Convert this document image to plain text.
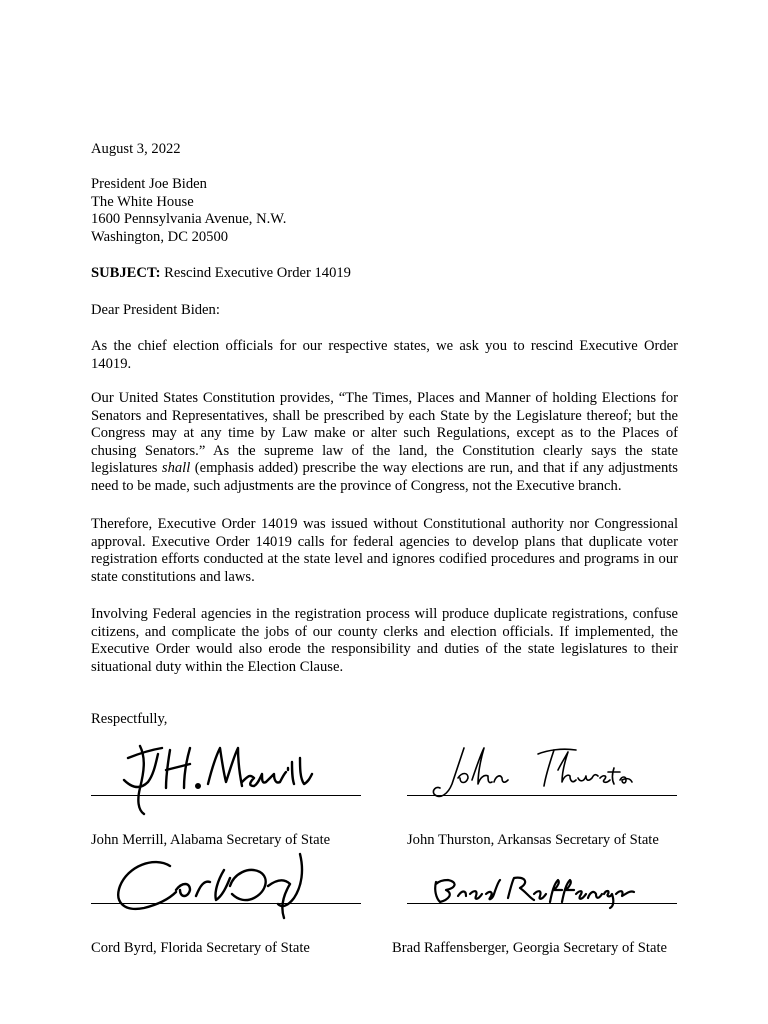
August 3, 2022

President Joe Biden
The White House
1600 Pennsylvania Avenue, N.W.
Washington, DC 20500

SUBJECT: Rescind Executive Order 14019

Dear President Biden:

As the chief election officials for our respective states, we ask you to rescind Executive Order 14019.

Our United States Constitution provides, “The Times, Places and Manner of holding Elections for Senators and Representatives, shall be prescribed by each State by the Legislature thereof; but the Congress may at any time by Law make or alter such Regulations, except as to the Places of chusing Senators.” As the supreme law of the land, the Constitution clearly says the state legislatures shall (emphasis added) prescribe the way elections are run, and that if any adjustments need to be made, such adjustments are the province of Congress, not the Executive branch.

Therefore, Executive Order 14019 was issued without Constitutional authority nor Congressional approval. Executive Order 14019 calls for federal agencies to develop plans that duplicate voter registration efforts conducted at the state level and ignores codified procedures and programs in our state constitutions and laws.

Involving Federal agencies in the registration process will produce duplicate registrations, confuse citizens, and complicate the jobs of our county clerks and election officials. If implemented, the Executive Order would also erode the responsibility and duties of the state legislatures to their situational duty within the Election Clause.

Respectfully,

John Merrill, Alabama Secretary of State	John Thurston, Arkansas Secretary of State

Cord Byrd, Florida Secretary of State	Brad Raffensberger, Georgia Secretary of State
